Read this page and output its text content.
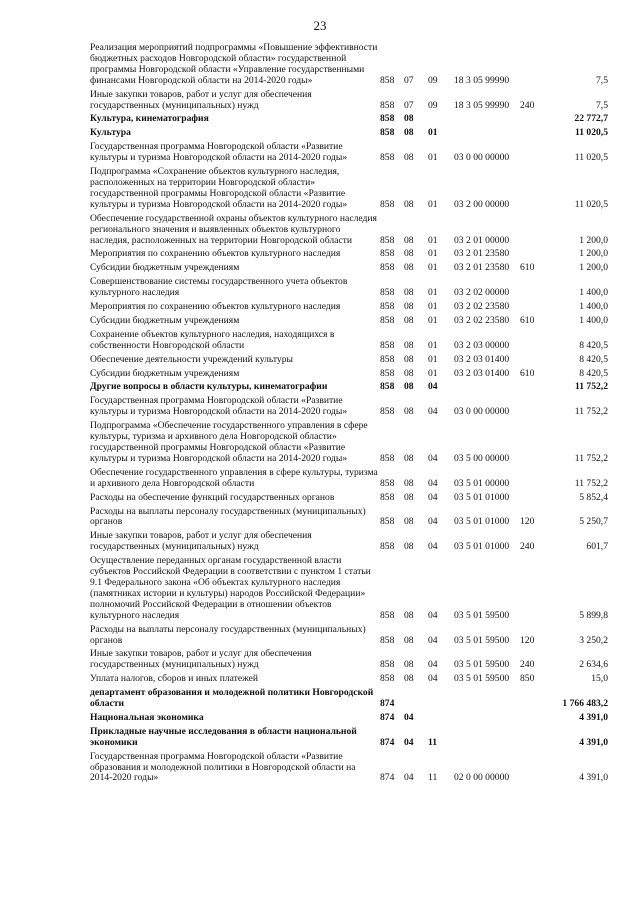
23
Реализация мероприятий подпрограммы «Повышение эффективности бюджетных расходов Новгородской области» государственной программы Новгородской области «Управление государственными финансами Новгородской области на 2014-2020 годы»	858	07	09	18 3 05 99990		7,5
Иные закупки товаров, работ и услуг для обеспечения государственных (муниципальных) нужд	858	07	09	18 3 05 99990	240	7,5
Культура, кинематография	858	08				22 772,7
Культура	858	08	01			11 020,5
Государственная программа Новгородской области «Развитие культуры и туризма Новгородской области на 2014-2020 годы»	858	08	01	03 0 00 00000		11 020,5
Подпрограмма «Сохранение объектов культурного наследия, расположенных на территории Новгородской области» государственной программы Новгородской области «Развитие культуры и туризма Новгородской области на 2014-2020 годы»	858	08	01	03 2 00 00000		11 020,5
Обеспечение государственной охраны объектов культурного наследия регионального значения и выявленных объектов культурного наследия, расположенных на территории Новгородской области	858	08	01	03 2 01 00000		1 200,0
Мероприятия по сохранению объектов культурного наследия	858	08	01	03 2 01 23580		1 200,0
Субсидии бюджетным учреждениям	858	08	01	03 2 01 23580	610	1 200,0
Совершенствование системы государственного учета объектов культурного наследия	858	08	01	03 2 02 00000		1 400,0
Мероприятия по сохранению объектов культурного наследия	858	08	01	03 2 02 23580		1 400,0
Субсидии бюджетным учреждениям	858	08	01	03 2 02 23580	610	1 400,0
Сохранение объектов культурного наследия, находящихся в собственности Новгородской области	858	08	01	03 2 03 00000		8 420,5
Обеспечение деятельности учреждений культуры	858	08	01	03 2 03 01400		8 420,5
Субсидии бюджетным учреждениям	858	08	01	03 2 03 01400	610	8 420,5
Другие вопросы в области культуры, кинематографии	858	08	04			11 752,2
Государственная программа Новгородской области «Развитие культуры и туризма Новгородской области на 2014-2020 годы»	858	08	04	03 0 00 00000		11 752,2
Подпрограмма «Обеспечение государственного управления в сфере культуры, туризма и архивного дела Новгородской области» государственной программы Новгородской области «Развитие культуры и туризма Новгородской области на 2014-2020 годы»	858	08	04	03 5 00 00000		11 752,2
Обеспечение государственного управления в сфере культуры, туризма и архивного дела Новгородской области	858	08	04	03 5 01 00000		11 752,2
Расходы на обеспечение функций государственных органов	858	08	04	03 5 01 01000		5 852,4
Расходы на выплаты персоналу государственных (муниципальных) органов	858	08	04	03 5 01 01000	120	5 250,7
Иные закупки товаров, работ и услуг для обеспечения государственных (муниципальных) нужд	858	08	04	03 5 01 01000	240	601,7
Осуществление переданных органам государственной власти субъектов Российской Федерации в соответствии с пунктом 1 статьи 9.1 Федерального закона «Об объектах культурного наследия (памятниках истории и культуры) народов Российской Федерации» полномочий Российской Федерации в отношении объектов культурного наследия	858	08	04	03 5 01 59500		5 899,8
Расходы на выплаты персоналу государственных (муниципальных) органов	858	08	04	03 5 01 59500	120	3 250,2
Иные закупки товаров, работ и услуг для обеспечения государственных (муниципальных) нужд	858	08	04	03 5 01 59500	240	2 634,6
Уплата налогов, сборов и иных платежей	858	08	04	03 5 01 59500	850	15,0
департамент образования и молодежной политики Новгородской области	874					1 766 483,2
Национальная экономика	874	04				4 391,0
Прикладные научные исследования в области национальной экономики	874	04	11			4 391,0
Государственная программа Новгородской области «Развитие образования и молодежной политики в Новгородской области на 2014-2020 годы»	874	04	11	02 0 00 00000		4 391,0
